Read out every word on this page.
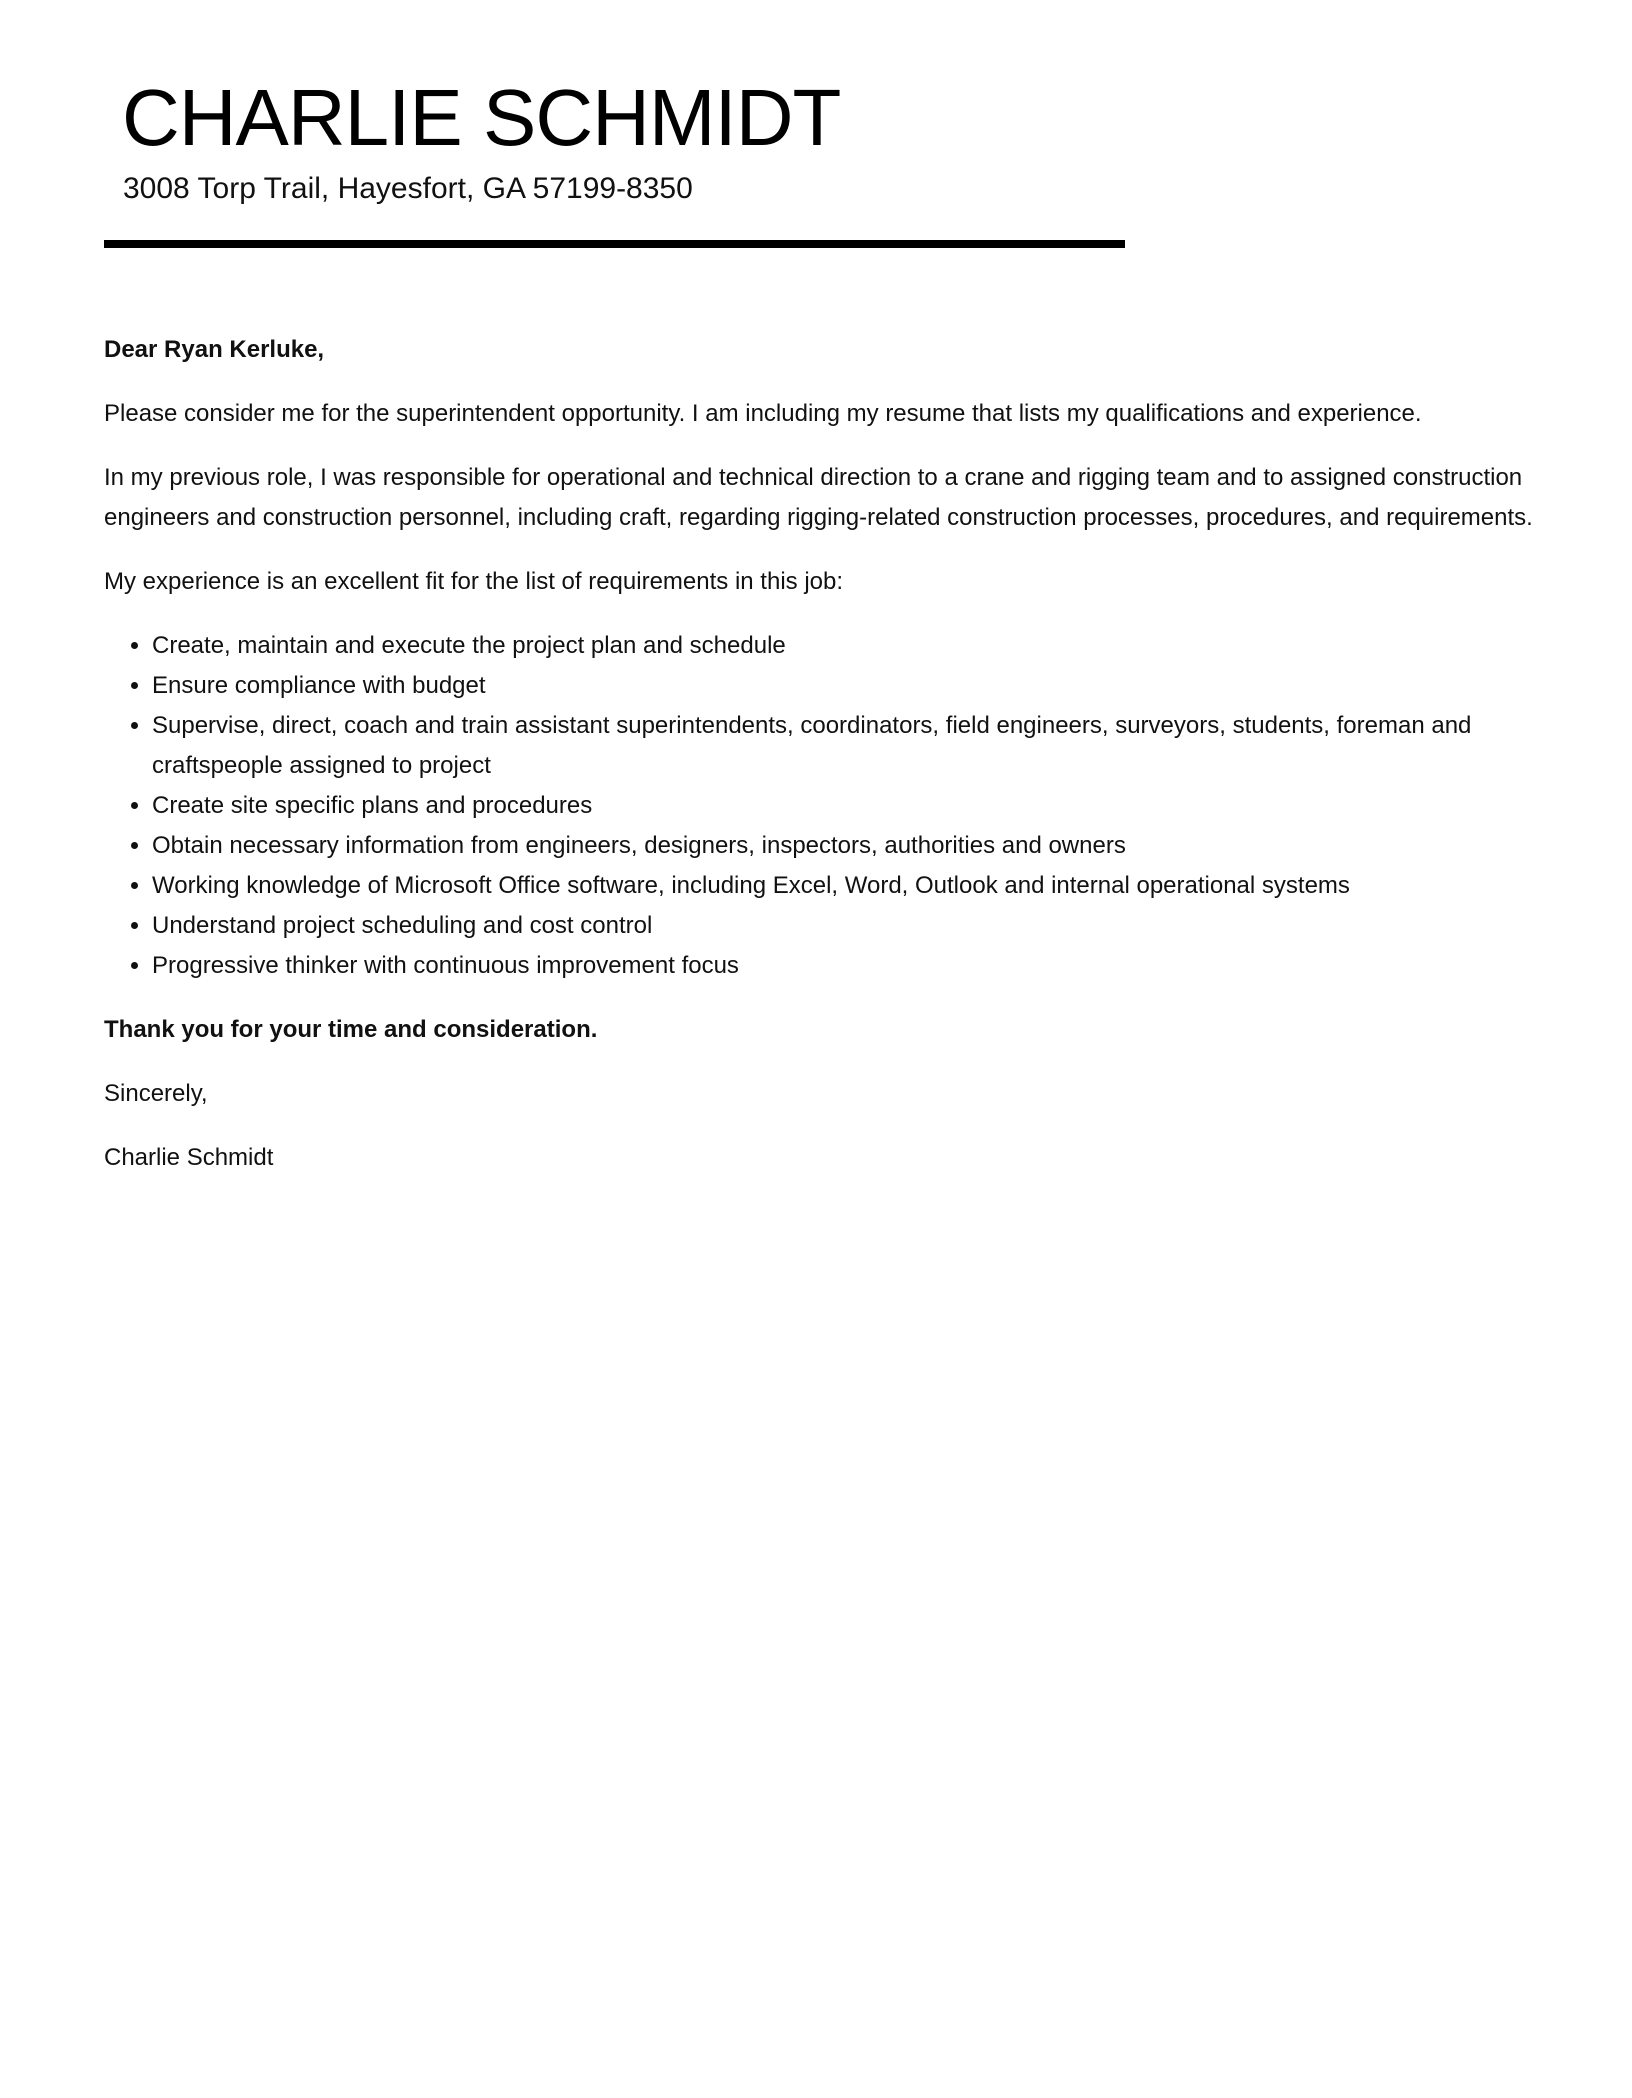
CHARLIE SCHMIDT
3008 Torp Trail, Hayesfort, GA 57199-8350

Dear Ryan Kerluke,

Please consider me for the superintendent opportunity. I am including my resume that lists my qualifications and experience.

In my previous role, I was responsible for operational and technical direction to a crane and rigging team and to assigned construction engineers and construction personnel, including craft, regarding rigging-related construction processes, procedures, and requirements.

My experience is an excellent fit for the list of requirements in this job:

• Create, maintain and execute the project plan and schedule
• Ensure compliance with budget
• Supervise, direct, coach and train assistant superintendents, coordinators, field engineers, surveyors, students, foreman and craftspeople assigned to project
• Create site specific plans and procedures
• Obtain necessary information from engineers, designers, inspectors, authorities and owners
• Working knowledge of Microsoft Office software, including Excel, Word, Outlook and internal operational systems
• Understand project scheduling and cost control
• Progressive thinker with continuous improvement focus

Thank you for your time and consideration.

Sincerely,

Charlie Schmidt
